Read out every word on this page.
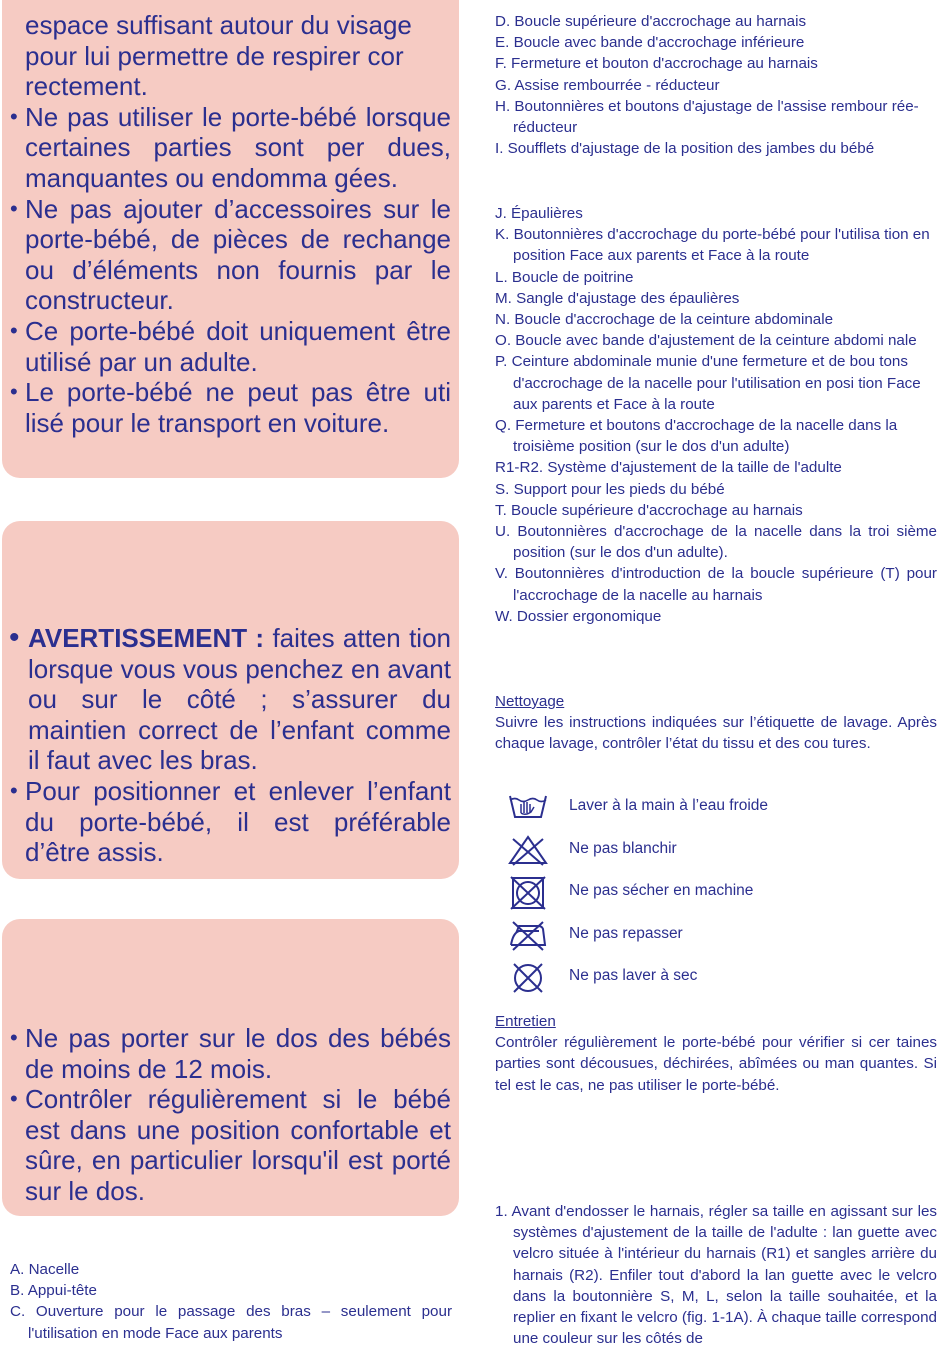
espace suffisant autour du visage

pour lui permettre de respirer cor

rectement.

• Ne pas utiliser le porte-bébé lorsque certaines parties sont per dues, manquantes ou endomma gées.

• Ne pas ajouter d’accessoires sur le porte-bébé, de pièces de rechange ou d’éléments non fournis par le constructeur.

• Ce porte-bébé doit uniquement être utilisé par un adulte.

• Le porte-bébé ne peut pas être uti lisé pour le transport en voiture.

• AVERTISSEMENT : faites atten tion lorsque vous vous penchez en avant ou sur le côté ; s’assurer du maintien correct de l’enfant comme il faut avec les bras.

• Pour positionner et enlever l’enfant du porte-bébé, il est préférable d’être assis.

• Ne pas porter sur le dos des bébés de moins de 12 mois.

• Contrôler régulièrement si le bébé est dans une position confortable et sûre, en particulier lorsqu'il est porté sur le dos.

A. Nacelle

B. Appui-tête

C. Ouverture pour le passage des bras – seulement pour l'utilisation en mode Face aux parents

D. Boucle supérieure d'accrochage au harnais

E. Boucle avec bande d'accrochage inférieure

F. Fermeture et bouton d'accrochage au harnais

G. Assise rembourrée - réducteur

H. Boutonnières et boutons d'ajustage de l'assise rembour rée-réducteur

I. Soufflets d'ajustage de la position des jambes du bébé

J. Épaulières

K. Boutonnières d'accrochage du porte-bébé pour l'utilisa tion en position Face aux parents et Face à la route

L. Boucle de poitrine

M. Sangle d'ajustage des épaulières

N. Boucle d'accrochage de la ceinture abdominale

O. Boucle avec bande d'ajustement de la ceinture abdomi nale

P. Ceinture abdominale munie d'une fermeture et de bou tons d'accrochage de la nacelle pour l'utilisation en posi tion Face aux parents et Face à la route

Q. Fermeture et boutons d'accrochage de la nacelle dans la troisième position (sur le dos d'un adulte)

R1-R2. Système d'ajustement de la taille de l'adulte

S. Support pour les pieds du bébé

T. Boucle supérieure d'accrochage au harnais

U. Boutonnières d'accrochage de la nacelle dans la troi sième position (sur le dos d'un adulte).

V. Boutonnières d'introduction de la boucle supérieure (T) pour l'accrochage de la nacelle au harnais

W. Dossier ergonomique

Nettoyage

Suivre les instructions indiquées sur l’étiquette de lavage. Après chaque lavage, contrôler l’état du tissu et des cou tures.

Laver à la main à l’eau froide
Ne pas blanchir
Ne pas sécher en machine
Ne pas repasser
Ne pas laver à sec

Entretien

Contrôler régulièrement le porte-bébé pour vérifier si cer taines parties sont décousues, déchirées, abîmées ou man quantes. Si tel est le cas, ne pas utiliser le porte-bébé.

1. Avant d'endosser le harnais, régler sa taille en agissant sur les systèmes d'ajustement de la taille de l'adulte : lan guette avec velcro située à l'intérieur du harnais (R1) et sangles arrière du harnais (R2). Enfiler tout d'abord la lan guette avec le velcro dans la boutonnière S, M, L, selon la taille souhaitée, et la replier en fixant le velcro (fig. 1-1A). À chaque taille correspond une couleur sur les côtés de
